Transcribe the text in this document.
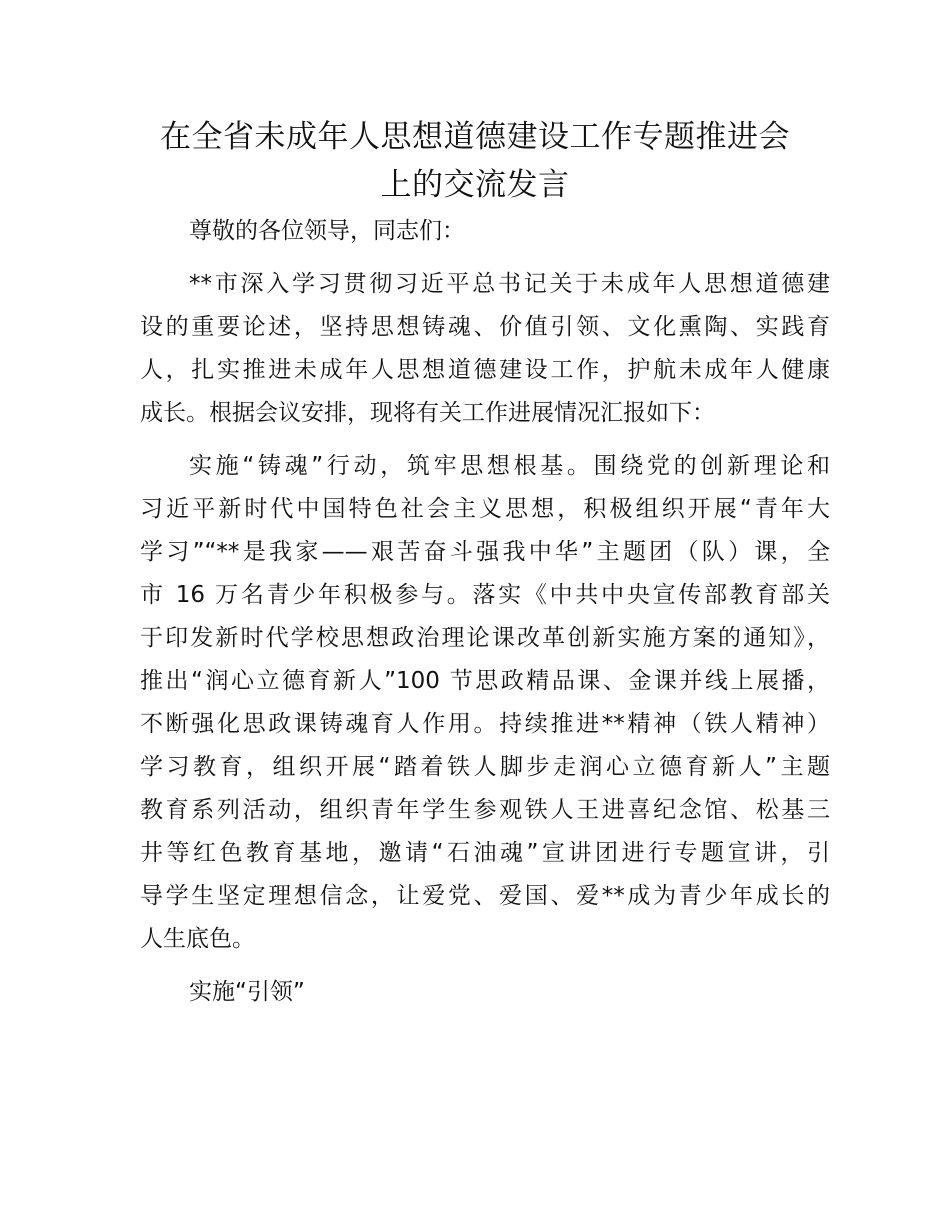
在全省未成年人思想道德建设工作专题推进会
上的交流发言
尊敬的各位领导，同志们：
**市深入学习贯彻习近平总书记关于未成年人思想道德建
设的重要论述，坚持思想铸魂、价值引领、文化熏陶、实践育
人，扎实推进未成年人思想道德建设工作，护航未成年人健康
成长。根据会议安排，现将有关工作进展情况汇报如下：
实施“铸魂”行动，筑牢思想根基。围绕党的创新理论和
习近平新时代中国特色社会主义思想，积极组织开展“青年大
学习”“**是我家——艰苦奋斗强我中华”主题团（队）课，全
市 16 万名青少年积极参与。落实《中共中央宣传部教育部关
于印发新时代学校思想政治理论课改革创新实施方案的通知》，
推出“润心立德育新人”100 节思政精品课、金课并线上展播，
不断强化思政课铸魂育人作用。持续推进**精神（铁人精神）
学习教育，组织开展“踏着铁人脚步走润心立德育新人”主题
教育系列活动，组织青年学生参观铁人王进喜纪念馆、松基三
井等红色教育基地，邀请“石油魂”宣讲团进行专题宣讲，引
导学生坚定理想信念，让爱党、爱国、爱**成为青少年成长的
人生底色。
实施“引领”
